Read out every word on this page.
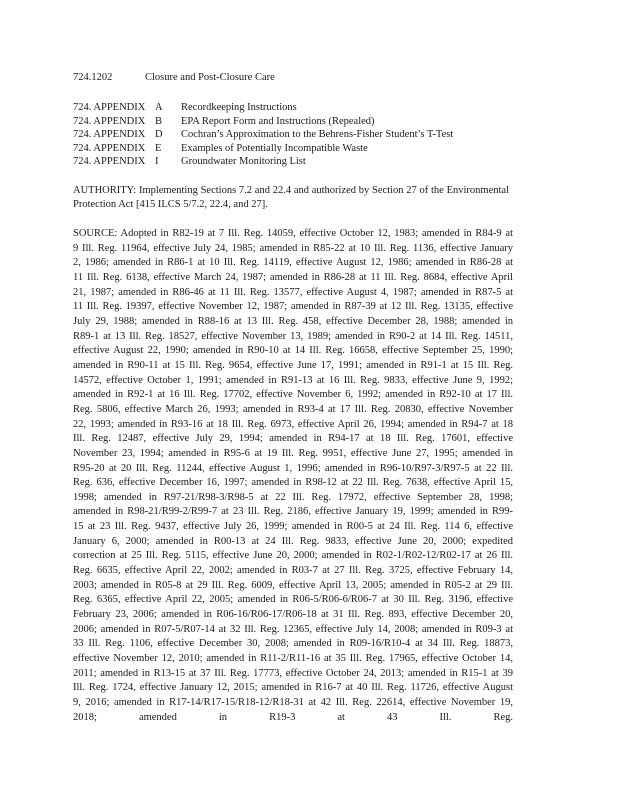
724.1202	Closure and Post-Closure Care
724. APPENDIX A Recordkeeping Instructions
724. APPENDIX B EPA Report Form and Instructions (Repealed)
724. APPENDIX D Cochran’s Approximation to the Behrens-Fisher Student’s T-Test
724. APPENDIX E Examples of Potentially Incompatible Waste
724. APPENDIX I Groundwater Monitoring List
AUTHORITY: Implementing Sections 7.2 and 22.4 and authorized by Section 27 of the Environmental Protection Act [415 ILCS 5/7.2, 22.4, and 27].
SOURCE: Adopted in R82-19 at 7 Ill. Reg. 14059, effective October 12, 1983; amended in R84-9 at 9 Ill. Reg. 11964, effective July 24, 1985; amended in R85-22 at 10 Ill. Reg. 1136, effective January 2, 1986; amended in R86-1 at 10 Ill. Reg. 14119, effective August 12, 1986; amended in R86-28 at 11 Ill. Reg. 6138, effective March 24, 1987; amended in R86-28 at 11 Ill. Reg. 8684, effective April 21, 1987; amended in R86-46 at 11 Ill. Reg. 13577, effective August 4, 1987; amended in R87-5 at 11 Ill. Reg. 19397, effective November 12, 1987; amended in R87-39 at 12 Ill. Reg. 13135, effective July 29, 1988; amended in R88-16 at 13 Ill. Reg. 458, effective December 28, 1988; amended in R89-1 at 13 Ill. Reg. 18527, effective November 13, 1989; amended in R90-2 at 14 Ill. Reg. 14511, effective August 22, 1990; amended in R90-10 at 14 Ill. Reg. 16658, effective September 25, 1990; amended in R90-11 at 15 Ill. Reg. 9654, effective June 17, 1991; amended in R91-1 at 15 Ill. Reg. 14572, effective October 1, 1991; amended in R91-13 at 16 Ill. Reg. 9833, effective June 9, 1992; amended in R92-1 at 16 Ill. Reg. 17702, effective November 6, 1992; amended in R92-10 at 17 Ill. Reg. 5806, effective March 26, 1993; amended in R93-4 at 17 Ill. Reg. 20830, effective November 22, 1993; amended in R93-16 at 18 Ill. Reg. 6973, effective April 26, 1994; amended in R94-7 at 18 Ill. Reg. 12487, effective July 29, 1994; amended in R94-17 at 18 Ill. Reg. 17601, effective November 23, 1994; amended in R95-6 at 19 Ill. Reg. 9951, effective June 27, 1995; amended in R95-20 at 20 Ill. Reg. 11244, effective August 1, 1996; amended in R96-10/R97-3/R97-5 at 22 Ill. Reg. 636, effective December 16, 1997; amended in R98-12 at 22 Ill. Reg. 7638, effective April 15, 1998; amended in R97-21/R98-3/R98-5 at 22 Ill. Reg. 17972, effective September 28, 1998; amended in R98-21/R99-2/R99-7 at 23 Ill. Reg. 2186, effective January 19, 1999; amended in R99-15 at 23 Ill. Reg. 9437, effective July 26, 1999; amended in R00-5 at 24 Ill. Reg. 114 6, effective January 6, 2000; amended in R00-13 at 24 Ill. Reg. 9833, effective June 20, 2000; expedited correction at 25 Ill. Reg. 5115, effective June 20, 2000; amended in R02-1/R02-12/R02-17 at 26 Ill. Reg. 6635, effective April 22, 2002; amended in R03-7 at 27 Ill. Reg. 3725, effective February 14, 2003; amended in R05-8 at 29 Ill. Reg. 6009, effective April 13, 2005; amended in R05-2 at 29 Ill. Reg. 6365, effective April 22, 2005; amended in R06-5/R06-6/R06-7 at 30 Ill. Reg. 3196, effective February 23, 2006; amended in R06-16/R06-17/R06-18 at 31 Ill. Reg. 893, effective December 20, 2006; amended in R07-5/R07-14 at 32 Ill. Reg. 12365, effective July 14, 2008; amended in R09-3 at 33 Ill. Reg. 1106, effective December 30, 2008; amended in R09-16/R10-4 at 34 Ill. Reg. 18873, effective November 12, 2010; amended in R11-2/R11-16 at 35 Ill. Reg. 17965, effective October 14, 2011; amended in R13-15 at 37 Ill. Reg. 17773, effective October 24, 2013; amended in R15-1 at 39 Ill. Reg. 1724, effective January 12, 2015; amended in R16-7 at 40 Ill. Reg. 11726, effective August 9, 2016; amended in R17-14/R17-15/R18-12/R18-31 at 42 Ill. Reg. 22614, effective November 19, 2018; amended in R19-3 at 43 Ill. Reg.
